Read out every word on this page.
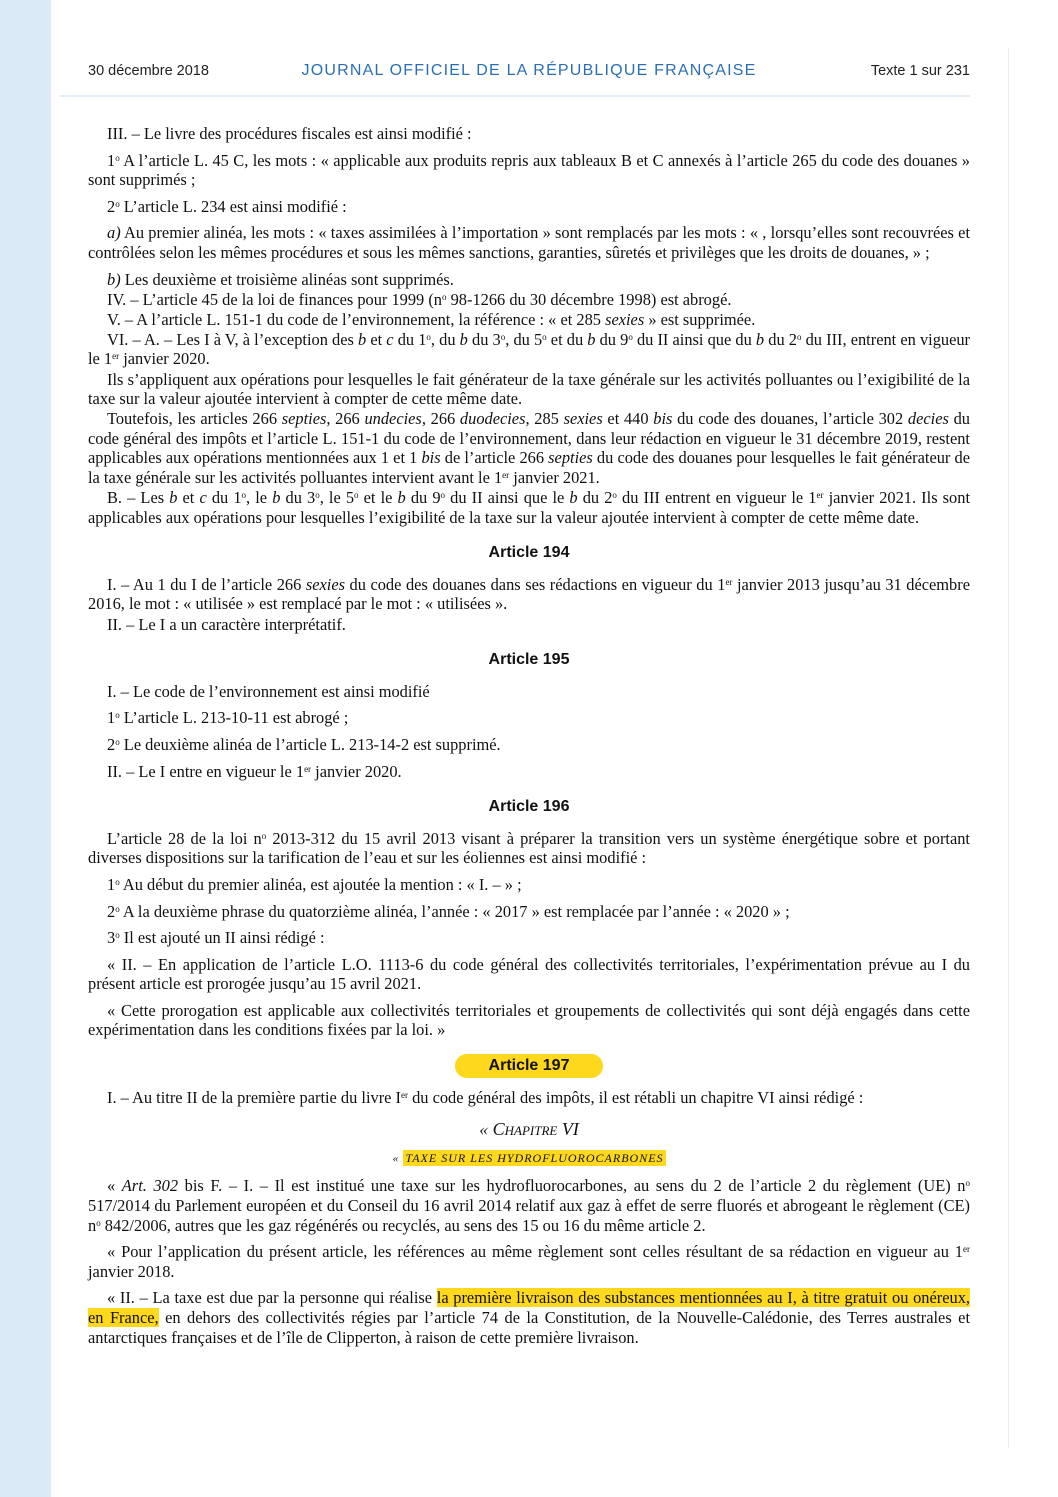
30 décembre 2018	JOURNAL OFFICIEL DE LA RÉPUBLIQUE FRANÇAISE	Texte 1 sur 231

III. – Le livre des procédures fiscales est ainsi modifié :

1$^o$ A l’article L. 45 C, les mots : « applicable aux produits repris aux tableaux B et C annexés à l’article 265 du code des douanes » sont supprimés ;

2$^o$ L’article L. 234 est ainsi modifié :

a) Au premier alinéa, les mots : « taxes assimilées à l’importation » sont remplacés par les mots : « , lorsqu’elles sont recouvrées et contrôlées selon les mêmes procédures et sous les mêmes sanctions, garanties, sûretés et privilèges que les droits de douanes, » ;

b) Les deuxième et troisième alinéas sont supprimés.

IV. – L’article 45 de la loi de finances pour 1999 ($n^o$ 98-1266 du 30 décembre 1998) est abrogé.

V. – A l’article L. 151-1 du code de l’environnement, la référence : « et 285 sexies » est supprimée.

VI. – A. – Les I à V, à l’exception des b et c du 1$^o$, du b du 3$^o$, du 5$^o$ et du b du 9$^o$ du II ainsi que du b du 2$^o$ du III, entrent en vigueur le 1er janvier 2020.

Ils s’appliquent aux opérations pour lesquelles le fait générateur de la taxe générale sur les activités polluantes ou l’exigibilité de la taxe sur la valeur ajoutée intervient à compter de cette même date.

Toutefois, les articles 266 septies, 266 undecies, 266 duodecies, 285 sexies et 440 bis du code des douanes, l’article 302 decies du code général des impôts et l’article L. 151-1 du code de l’environnement, dans leur rédaction en vigueur le 31 décembre 2019, restent applicables aux opérations mentionnées aux 1 et 1 bis de l’article 266 septies du code des douanes pour lesquelles le fait générateur de la taxe générale sur les activités polluantes intervient avant le 1er janvier 2021.

B. – Les b et c du 1$^o$, le b du 3$^o$, le 5$^o$ et le b du 9$^o$ du II ainsi que le b du 2$^o$ du III entrent en vigueur le 1er janvier 2021. Ils sont applicables aux opérations pour lesquelles l’exigibilité de la taxe sur la valeur ajoutée intervient à compter de cette même date.

Article 194

I. – Au 1 du I de l’article 266 sexies du code des douanes dans ses rédactions en vigueur du 1er janvier 2013 jusqu’au 31 décembre 2016, le mot : « utilisée » est remplacé par le mot : « utilisées ».

II. – Le I a un caractère interprétatif.

Article 195

I. – Le code de l’environnement est ainsi modifié

1$^o$ L’article L. 213-10-11 est abrogé ;

2$^o$ Le deuxième alinéa de l’article L. 213-14-2 est supprimé.

II. – Le I entre en vigueur le 1er janvier 2020.

Article 196

L’article 28 de la loi $n^o$ 2013-312 du 15 avril 2013 visant à préparer la transition vers un système énergétique sobre et portant diverses dispositions sur la tarification de l’eau et sur les éoliennes est ainsi modifié :

1$^o$ Au début du premier alinéa, est ajoutée la mention : « I. – » ;

2$^o$ A la deuxième phrase du quatorzième alinéa, l’année : « 2017 » est remplacée par l’année : « 2020 » ;

3$^o$ Il est ajouté un II ainsi rédigé :

« II. – En application de l’article L.O. 1113-6 du code général des collectivités territoriales, l’expérimentation prévue au I du présent article est prorogée jusqu’au 15 avril 2021.

« Cette prorogation est applicable aux collectivités territoriales et groupements de collectivités qui sont déjà engagés dans cette expérimentation dans les conditions fixées par la loi. »

Article 197

I. – Au titre II de la première partie du livre Ier du code général des impôts, il est rétabli un chapitre VI ainsi rédigé :

« Chapitre VI
« TAXE SUR LES HYDROFLUOROCARBONES

« Art. 302 bis F. – I. – Il est institué une taxe sur les hydrofluorocarbones, au sens du 2 de l’article 2 du règlement (UE) $n^o$ 517/2014 du Parlement européen et du Conseil du 16 avril 2014 relatif aux gaz à effet de serre fluorés et abrogeant le règlement (CE) $n^o$ 842/2006, autres que les gaz régénérés ou recyclés, au sens des 15 ou 16 du même article 2.

« Pour l’application du présent article, les références au même règlement sont celles résultant de sa rédaction en vigueur au 1er janvier 2018.

« II. – La taxe est due par la personne qui réalise la première livraison des substances mentionnées au I, à titre gratuit ou onéreux, en France, en dehors des collectivités régies par l’article 74 de la Constitution, de la Nouvelle-Calédonie, des Terres australes et antarctiques françaises et de l’île de Clipperton, à raison de cette première livraison.
